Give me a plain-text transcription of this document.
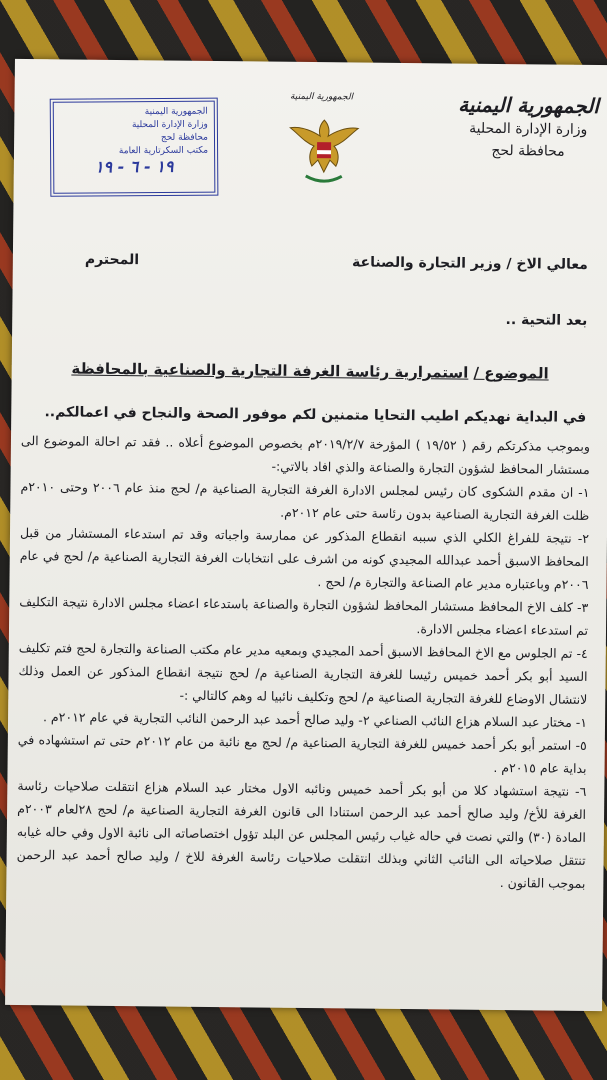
الجمهورية اليمنية
وزارة الإدارة المحلية
محافظة لحج
الجمهورية اليمنية
الجمهورية اليمنية
وزارة الإدارة المحلية
محافظة لحج
مكتب السكرتارية العامة
١٩ - ٦ - ١٩
معالي الاخ / وزير التجارة والصناعة
المحترم
بعد التحية ..
الموضوع / استمرارية رئاسة الغرفة التجارية والصناعية بالمحافظة
في البداية نهديكم اطيب التحايا متمنين لكم موفور الصحة والنجاح في اعمالكم..

وبموجب مذكرتكم رقم ( ١٩/٥٢ ) المؤرخة ٢٠١٩/٢/٧م بخصوص الموضوع أعلاه .. فقد تم احالة الموضوع الى مستشار المحافظ لشؤون التجارة والصناعة والذي افاد بالاتي:-

١- ان مقدم الشكوى كان رئيس لمجلس الادارة الغرفة التجارية الصناعية م/ لحج منذ عام ٢٠٠٦ وحتى ٢٠١٠م ظلت الغرفة التجارية الصناعية بدون رئاسة حتى عام ٢٠١٢م.

٢- نتيجة للفراغ الكلي الذي سببه انقطاع المذكور عن ممارسة واجباته وقد تم استدعاء المستشار من قبل المحافظ الاسبق أحمد عبدالله المجيدي كونه من اشرف على انتخابات الغرفة التجارية الصناعية م/ لحج في عام ٢٠٠٦م وباعتباره مدير عام الصناعة والتجارة م/ لحج .

٣- كلف الاخ المحافظ مستشار المحافظ لشؤون التجارة والصناعة باستدعاء اعضاء مجلس الادارة نتيجة التكليف تم استدعاء اعضاء مجلس الادارة.

٤- تم الجلوس مع الاخ المحافظ الاسبق أحمد المجيدي وبمعيه مدير عام مكتب الصناعة والتجارة لحج فتم تكليف السيد أبو بكر أحمد خميس رئيسا للغرفة التجارية الصناعية م/ لحج نتيجة انقطاع المذكور عن العمل وذلك لانتشال الاوضاع للغرفة التجارية الصناعية م/ لحج وتكليف نائبيا له وهم كالتالي :-

١- مختار عبد السلام هزاع النائب الصناعي ٢- وليد صالح أحمد عبد الرحمن النائب التجارية في عام ٢٠١٢م .

٥- استمر أبو بكر أحمد خميس للغرفة التجارية الصناعية م/ لحج مع نائبة من عام ٢٠١٢م حتى تم استشهاده في بداية عام ٢٠١٥م .

٦- نتيجة استشهاد كلا من أبو بكر أحمد خميس ونائبه الاول مختار عبد السلام هزاع انتقلت صلاحيات رئاسة الغرفة للأخ/ وليد صالح أحمد عبد الرحمن استنادا الى قانون الغرفة التجارية الصناعية م/ لحج ٢٨لعام ٢٠٠٣م المادة (٣٠) والتي نصت في حاله غياب رئيس المجلس عن البلد تؤول اختصاصاته الى نائبة الاول وفي حاله غيابه تنتقل صلاحياته الى النائب الثاني وبذلك انتقلت صلاحيات رئاسة الغرفة للاخ / وليد صالح أحمد عبد الرحمن بموجب القانون .
